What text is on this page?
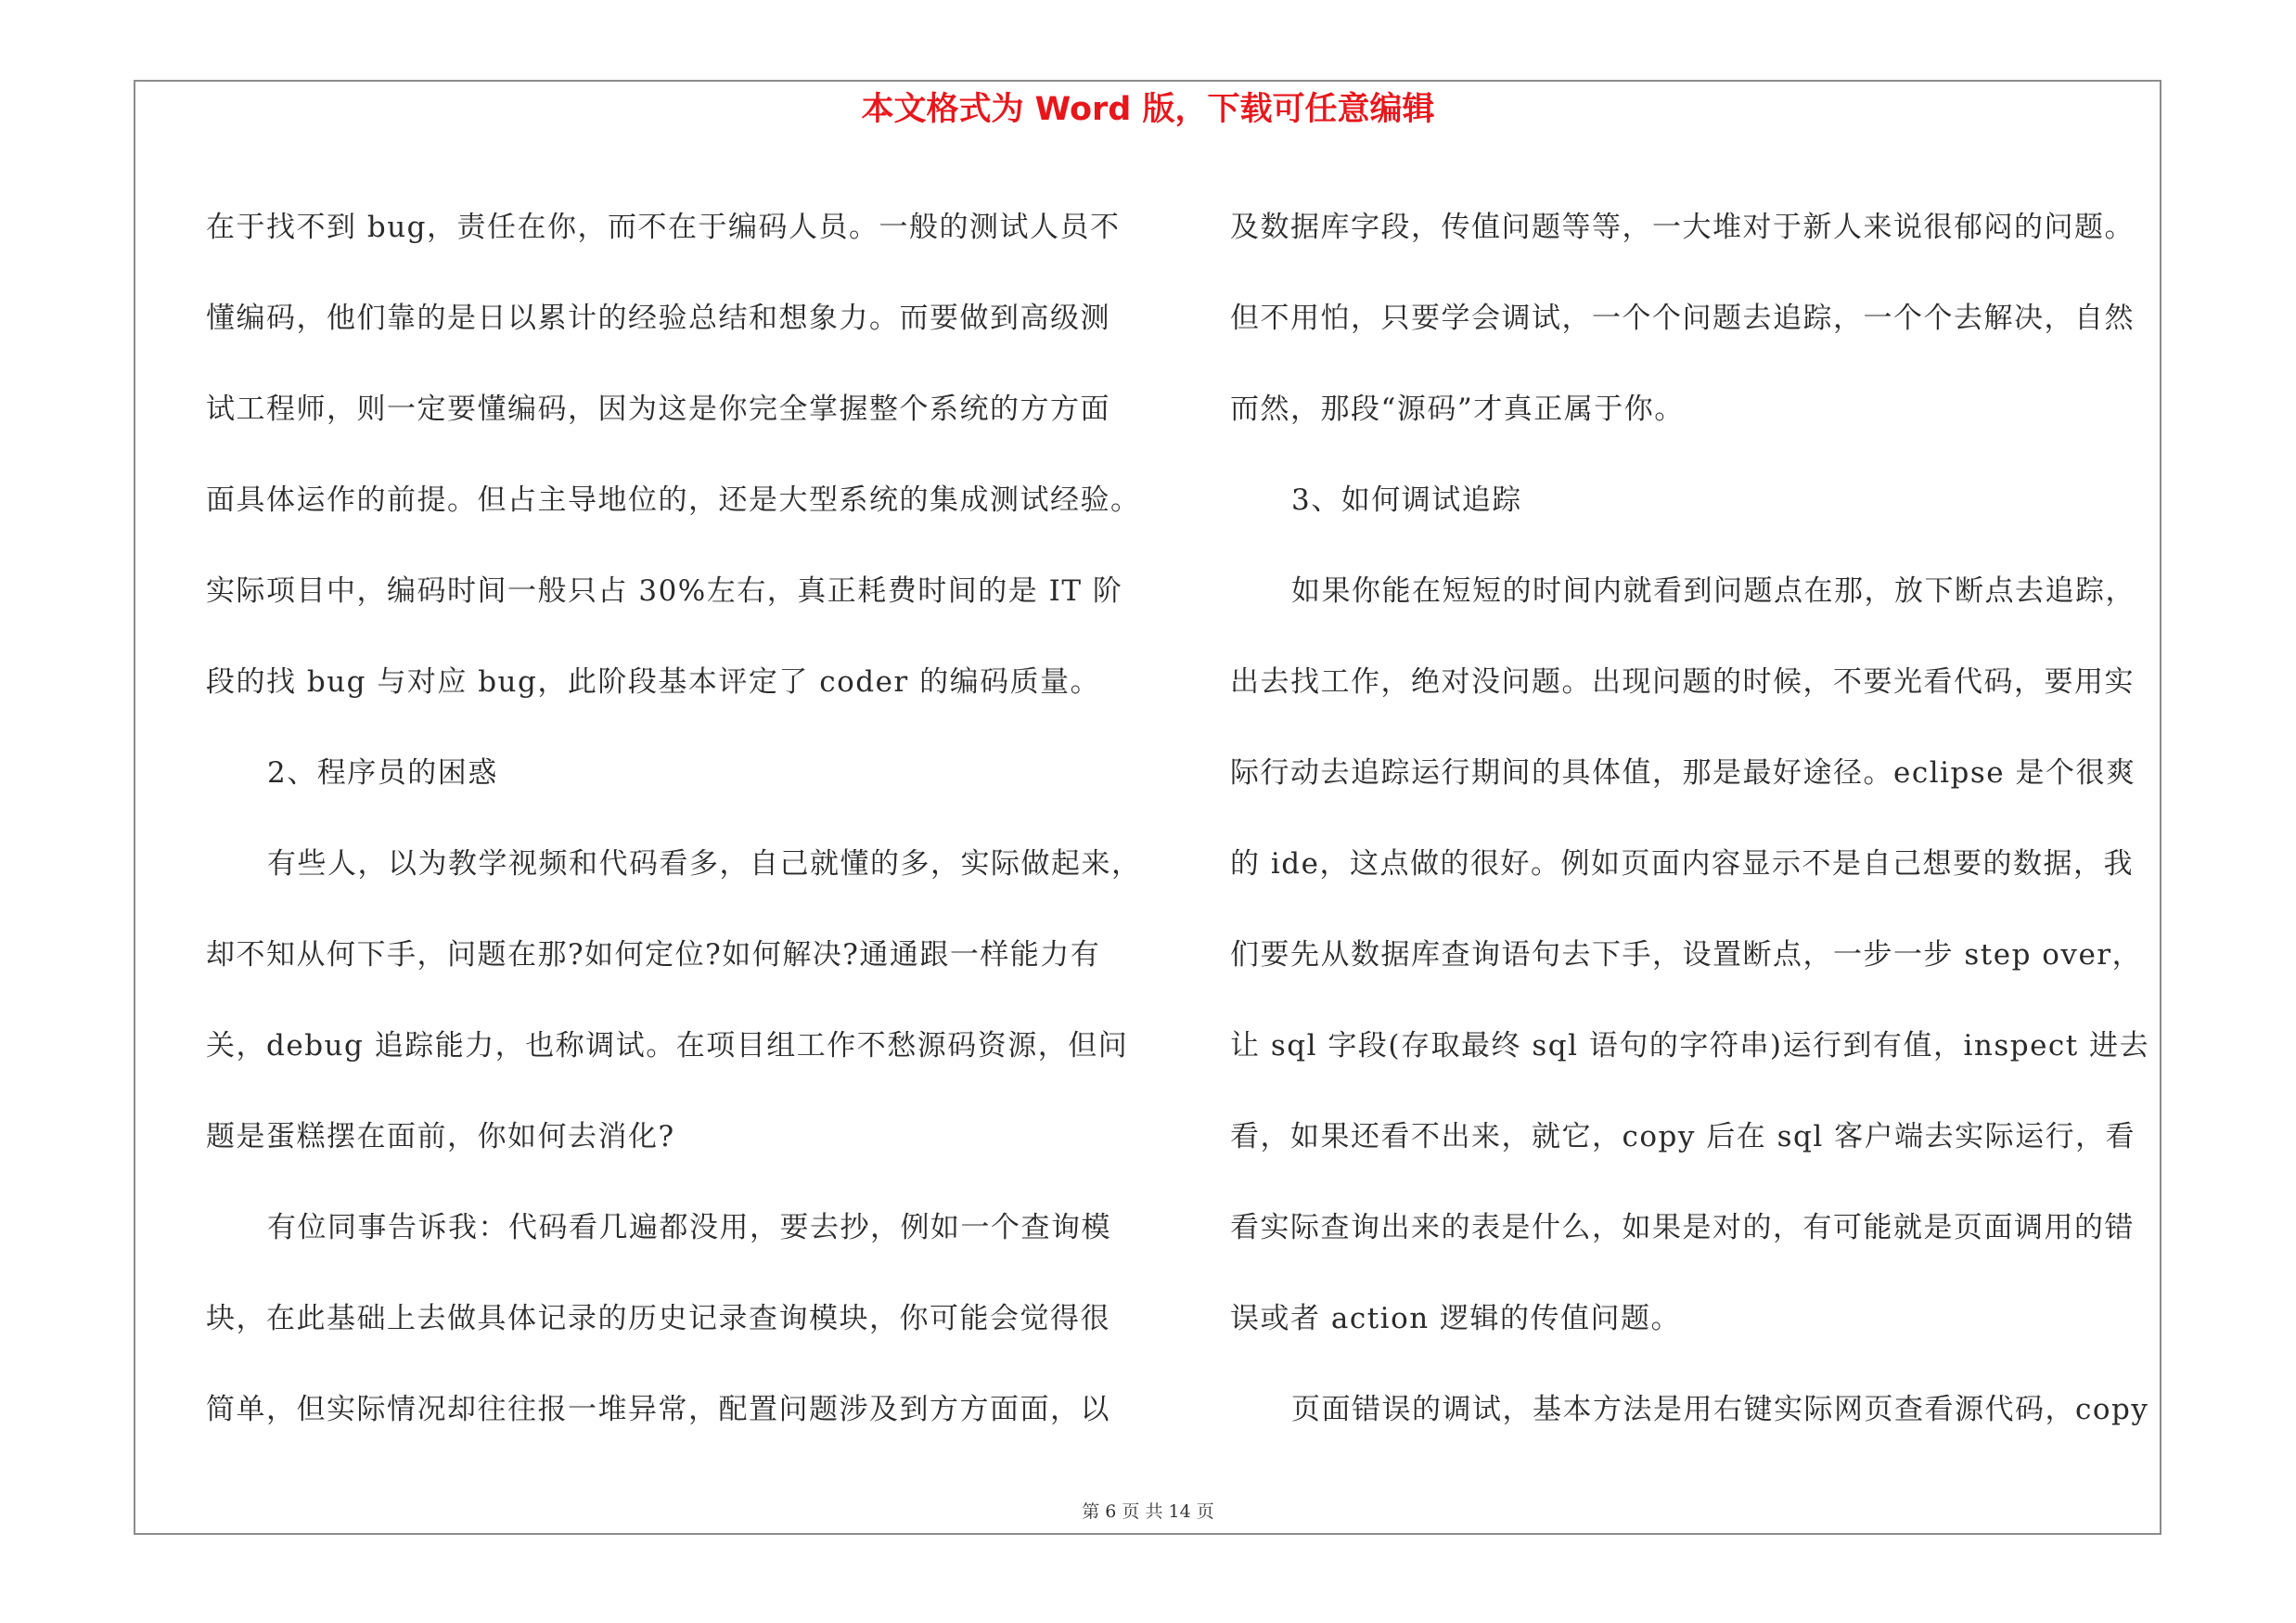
本文格式为 Word 版，下载可任意编辑
在于找不到 bug，责任在你，而不在于编码人员。一般的测试人员不
懂编码，他们靠的是日以累计的经验总结和想象力。而要做到高级测
试工程师，则一定要懂编码，因为这是你完全掌握整个系统的方方面
面具体运作的前提。但占主导地位的，还是大型系统的集成测试经验。
实际项目中，编码时间一般只占 30%左右，真正耗费时间的是 IT 阶
段的找 bug 与对应 bug，此阶段基本评定了 coder 的编码质量。
2、程序员的困惑
有些人，以为教学视频和代码看多，自己就懂的多，实际做起来，
却不知从何下手，问题在那?如何定位?如何解决?通通跟一样能力有
关，debug 追踪能力，也称调试。在项目组工作不愁源码资源，但问
题是蛋糕摆在面前，你如何去消化?
有位同事告诉我：代码看几遍都没用，要去抄，例如一个查询模
块，在此基础上去做具体记录的历史记录查询模块，你可能会觉得很
简单，但实际情况却往往报一堆异常，配置问题涉及到方方面面，以
及数据库字段，传值问题等等，一大堆对于新人来说很郁闷的问题。
但不用怕，只要学会调试，一个个问题去追踪，一个个去解决，自然
而然，那段“源码”才真正属于你。
3、如何调试追踪
如果你能在短短的时间内就看到问题点在那，放下断点去追踪，
出去找工作，绝对没问题。出现问题的时候，不要光看代码，要用实
际行动去追踪运行期间的具体值，那是最好途径。eclipse 是个很爽
的 ide，这点做的很好。例如页面内容显示不是自己想要的数据，我
们要先从数据库查询语句去下手，设置断点，一步一步 step over，
让 sql 字段(存取最终 sql 语句的字符串)运行到有值，inspect 进去
看，如果还看不出来，就它，copy 后在 sql 客户端去实际运行，看
看实际查询出来的表是什么，如果是对的，有可能就是页面调用的错
误或者 action 逻辑的传值问题。
页面错误的调试，基本方法是用右键实际网页查看源代码，copy
第 6 页 共 14 页
